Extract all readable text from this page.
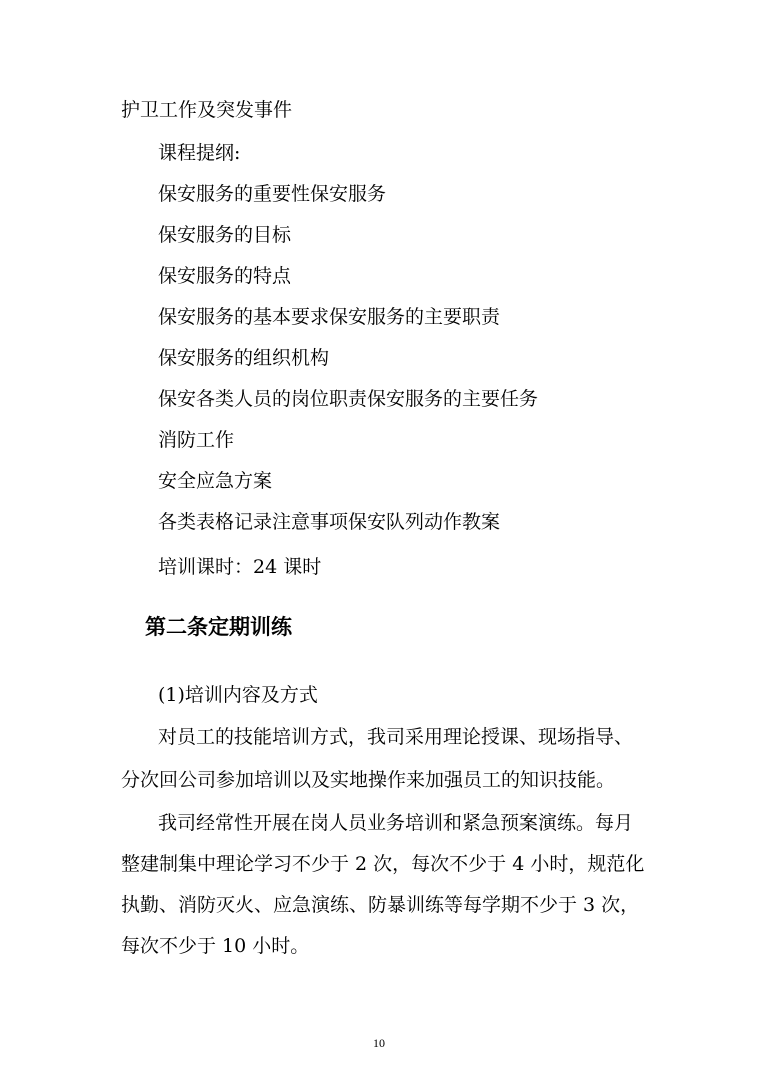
护卫工作及突发事件
课程提纲:
保安服务的重要性保安服务
保安服务的目标
保安服务的特点
保安服务的基本要求保安服务的主要职责
保安服务的组织机构
保安各类人员的岗位职责保安服务的主要任务
消防工作
安全应急方案
各类表格记录注意事项保安队列动作教案
培训课时：24 课时
第二条定期训练
(1)培训内容及方式
对员工的技能培训方式，我司采用理论授课、现场指导、
分次回公司参加培训以及实地操作来加强员工的知识技能。
我司经常性开展在岗人员业务培训和紧急预案演练。每月
整建制集中理论学习不少于 2 次，每次不少于 4 小时，规范化
执勤、消防灭火、应急演练、防暴训练等每学期不少于 3 次，
每次不少于 10 小时。
10
